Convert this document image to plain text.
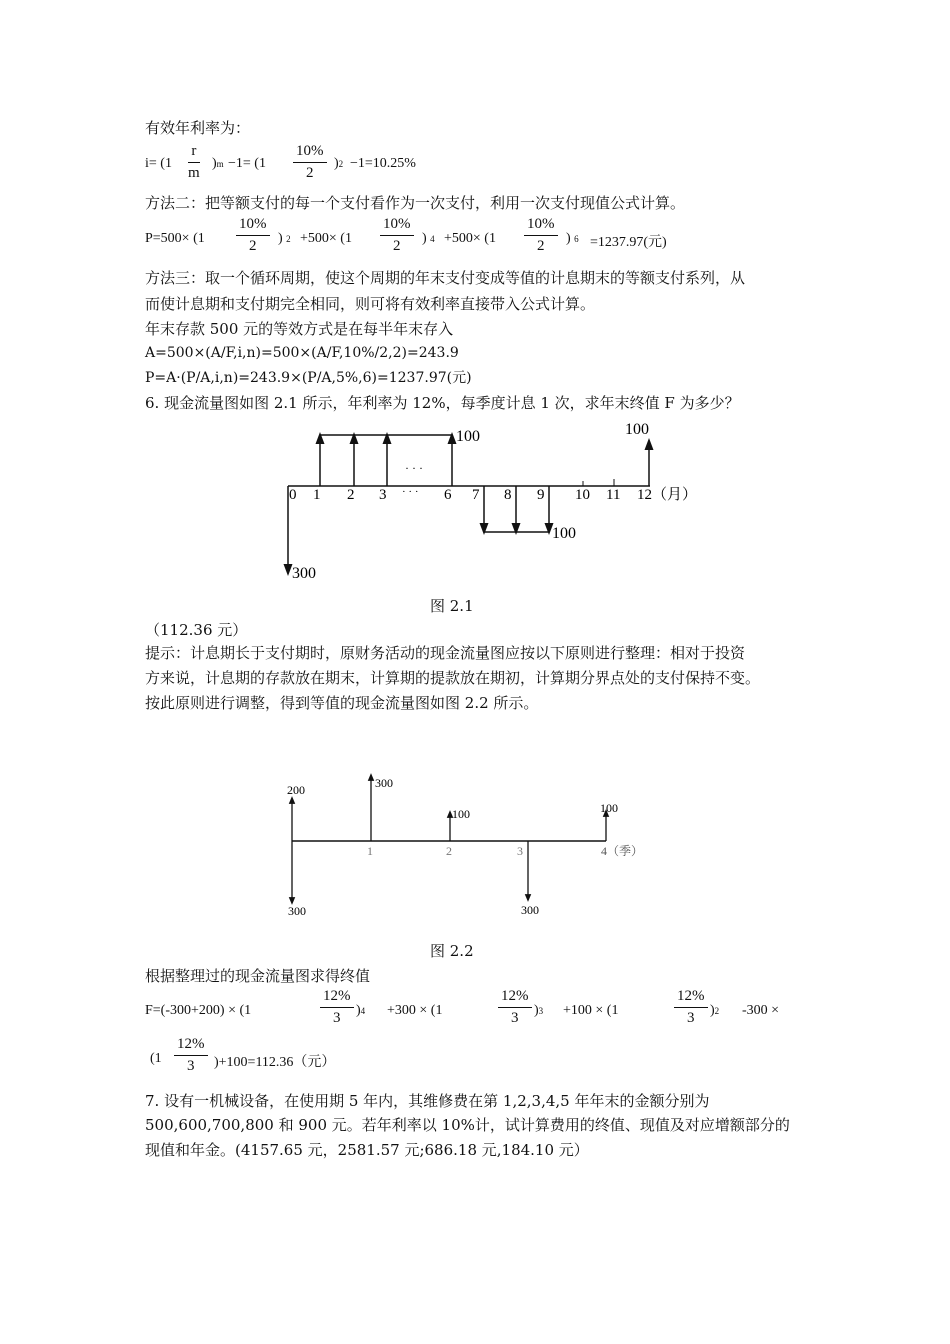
有效年利率为：
$i= (1 \frac{r}{m} )m -1= (1 \frac{10\%}{2} )2 -1=10.25\%$
方法二：把等额支付的每一个支付看作为一次支付，利用一次支付现值公式计算。
$P=500\times (1 \frac{10\%}{2}$ ) $2 +500\times (1 \frac{10\%}{2}$ ) $4 +500\times (1 \frac{10\%}{2}$ ) 6 =1237.97(元)
方法三：取一个循环周期，使这个周期的年末支付变成等值的计息期末的等额支付系列，从
而使计息期和支付期完全相同，则可将有效利率直接带入公式计算。
年末存款 500 元的等效方式是在每半年末存入
A=500×(A/F,i,n)=500×(A/F,10%/2,2)=243.9
P=A·(P/A,i,n)=243.9×(P/A,5%,6)=1237.97(元)
6. 现金流量图如图 2.1 所示，年利率为 12%，每季度计息 1 次，求年末终值 F 为多少？
· · ·
100	100
100
300
0 1 2 3 · · · 6 7 8 9 10 11 12（月）
图 2.1
（112.36 元）
提示：计息期长于支付期时，原财务活动的现金流量图应按以下原则进行整理：相对于投资
方来说，计息期的存款放在期末，计算期的提款放在期初，计算期分界点处的支付保持不变。
按此原则进行调整，得到等值的现金流量图如图 2.2 所示。
200
300
300
100
300
100
1	2	3	4（季）
图 2.2
根据整理过的现金流量图求得终值
F=(-300+200) × (1	$\frac{12\%}{3} )4 +300 \times (1$	$\frac{12\%}{3} )3 +100 \times (1$	$\frac{12\%}{3} )2$ -300 ×
$(1 \frac{12\%}{3} )+100=112.36$（元）
7. 设有一机械设备，在使用期 5 年内，其维修费在第 1,2,3,4,5 年年末的金额分别为
500,600,700,800 和 900 元。若年利率以 10%计，试计算费用的终值、现值及对应增额部分的
现值和年金。(4157.65 元，2581.57 元;686.18 元,184.10 元）
